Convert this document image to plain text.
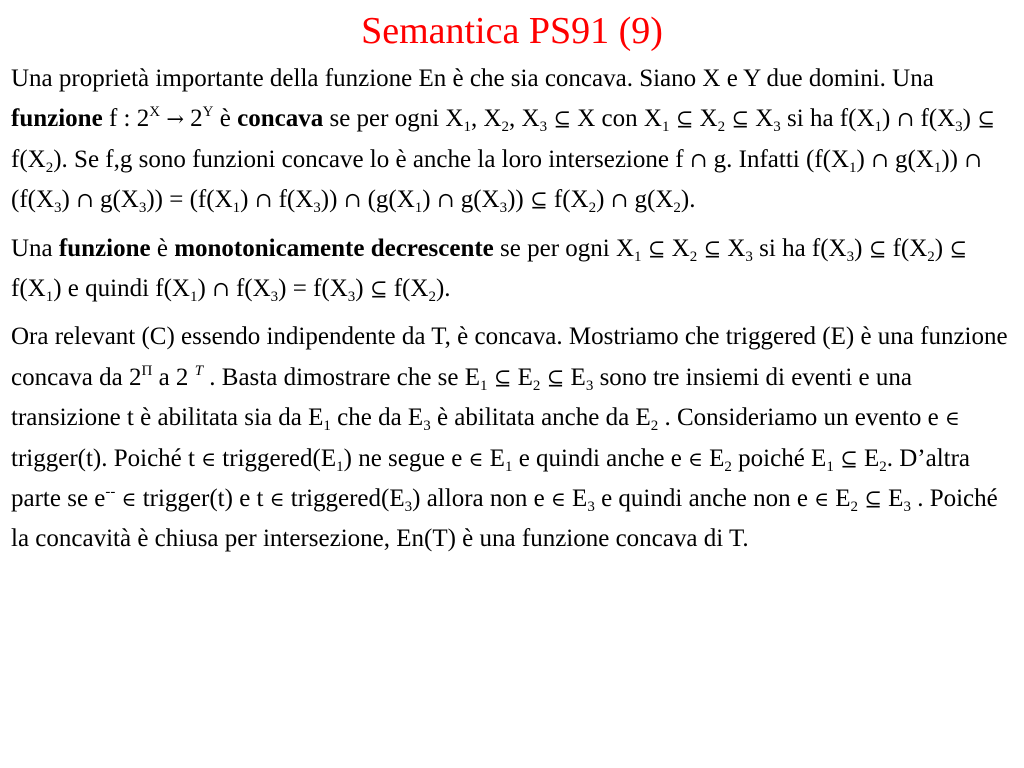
Semantica PS91 (9)

Una proprietà importante della funzione En è che sia concava. Siano X e Y due domini. Una funzione f : $2^X \to 2^Y$ è concava se per ogni $X_1$, $X_2$, $X_3$ ⊆ X con $X_1$ ⊆ $X_2$ ⊆ $X_3$ si ha $f(X_1)$ ∩ $f(X_3)$ ⊆ $f(X_2)$. Se f,g sono funzioni concave lo è anche la loro intersezione f ∩ g. Infatti ($f(X_1)$ ∩ $g(X_1)$) ∩ ($f(X_3)$ ∩ $g(X_3)) = (f(X_1)$ ∩ $f(X_3)$) ∩ ($g(X_1)$ ∩ $g(X_3)$) ⊆ $f(X_2)$ ∩ $g(X_2)$.

Una funzione è monotonicamente decrescente se per ogni $X_1$ ⊆ $X_2$ ⊆ $X_3$ si ha $f(X_3)$ ⊆ $f(X_2)$ ⊆ $f(X_1)$ e quindi $f(X_1)$ ∩ $f(X_3) = f(X_3)$ ⊆ $f(X_2)$.

Ora relevant (C) essendo indipendente da T, è concava. Mostriamo che triggered (E) è una funzione concava da $2^\Pi$ a 2 $^T$ . Basta dimostrare che se $E_1$ ⊆ $E_2$ ⊆ $E_3$ sono tre insiemi di eventi e una transizione t è abilitata sia da $E_1$ che da $E_3$ è abilitata anche da $E_2$ . Consideriamo un evento e ∈ trigger(t). Poiché t ∈ $triggered(E_1)$ ne segue e ∈ $E_1$ e quindi anche e ∈ $E_2$ poiché $E_1$ ⊆ $E_2$. D’altra parte se e-- ∈ trigger(t) e t ∈ $triggered(E_3)$ allora non e ∈ $E_3$ e quindi anche non e ∈ $E_2$ ⊆ $E_3$ . Poiché la concavità è chiusa per intersezione, En(T) è una funzione concava di T.
